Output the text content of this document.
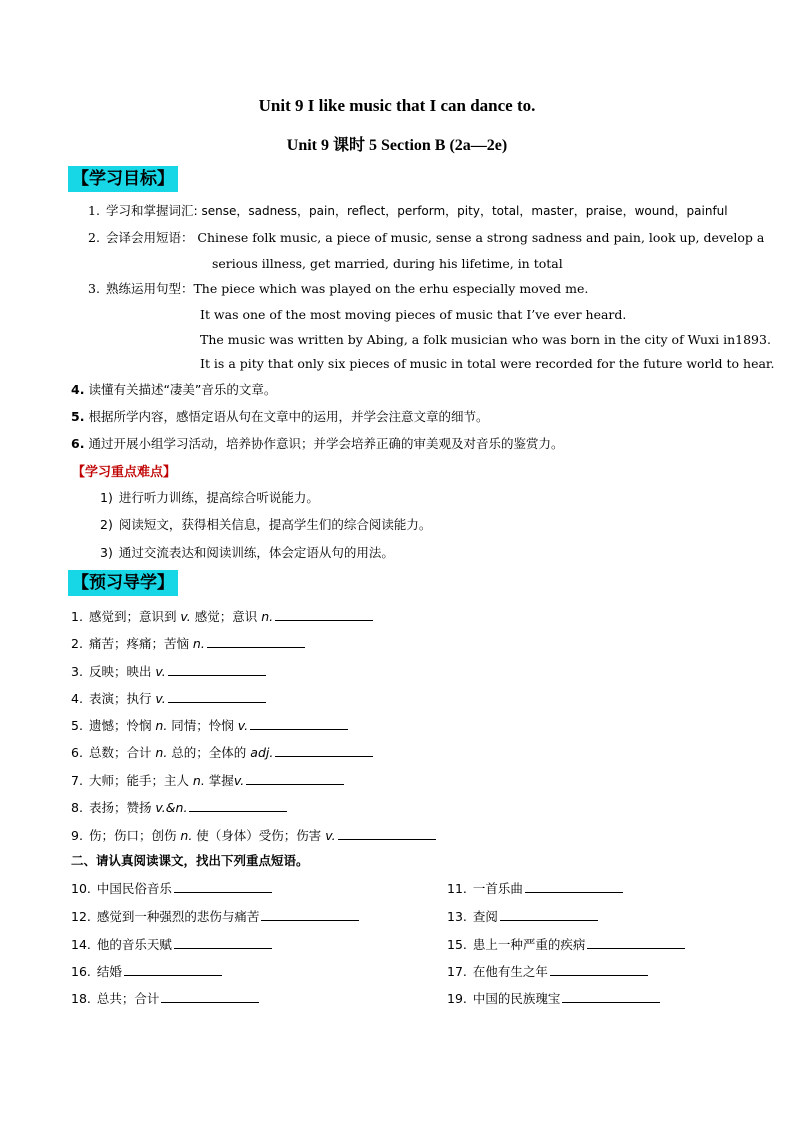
Unit 9 I like music that I can dance to.
Unit 9 课时 5 Section B (2a—2e)
【学习目标】
1. 学习和掌握词汇: sense，sadness，pain，reflect，perform，pity，total，master，praise，wound，painful
2. 会译会用短语： Chinese folk music, a piece of music, sense a strong sadness and pain, look up, develop a
serious illness, get married, during his lifetime, in total
3. 熟练运用句型：The piece which was played on the erhu especially moved me.
It was one of the most moving pieces of music that I’ve ever heard.
The music was written by Abing, a folk musician who was born in the city of Wuxi in1893.
It is a pity that only six pieces of music in total were recorded for the future world to hear.
4. 读懂有关描述“凄美”音乐的文章。
5. 根据所学内容，感悟定语从句在文章中的运用，并学会注意文章的细节。
6. 通过开展小组学习活动，培养协作意识；并学会培养正确的审美观及对音乐的鉴赏力。
【学习重点难点】
1) 进行听力训练，提高综合听说能力。
2) 阅读短文，获得相关信息，提高学生们的综合阅读能力。
3) 通过交流表达和阅读训练，体会定语从句的用法。
【预习导学】
1. 感觉到；意识到 v. 感觉；意识 n.
2. 痛苦；疼痛；苦恼 n.
3. 反映；映出 v.
4. 表演；执行 v.
5. 遗憾；怜悯 n. 同情；怜悯 v.
6. 总数；合计 n. 总的；全体的 adj.
7. 大师；能手；主人 n. 掌握v.
8. 表扬；赞扬 v.&n.
9. 伤；伤口；创伤 n. 使（身体）受伤；伤害 v.
二、请认真阅读课文，找出下列重点短语。
10. 中国民俗音乐	11. 一首乐曲
12. 感觉到一种强烈的悲伤与痛苦	13. 查阅
14. 他的音乐天赋	15. 患上一种严重的疾病
16. 结婚	17. 在他有生之年
18. 总共；合计	19. 中国的民族瑰宝
